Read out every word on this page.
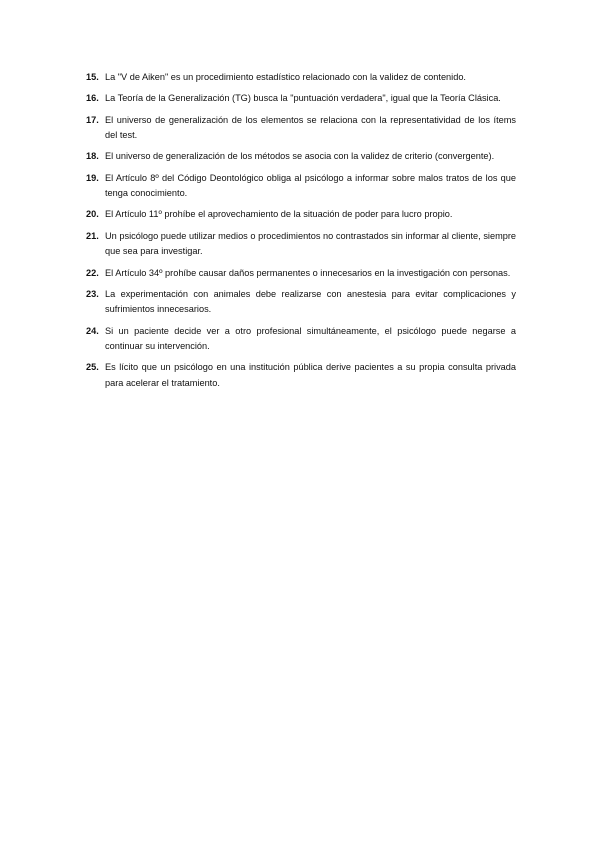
15. La "V de Aiken" es un procedimiento estadístico relacionado con la validez de contenido.
16. La Teoría de la Generalización (TG) busca la "puntuación verdadera", igual que la Teoría Clásica.
17. El universo de generalización de los elementos se relaciona con la representatividad de los ítems del test.
18. El universo de generalización de los métodos se asocia con la validez de criterio (convergente).
19. El Artículo 8º del Código Deontológico obliga al psicólogo a informar sobre malos tratos de los que tenga conocimiento.
20. El Artículo 11º prohíbe el aprovechamiento de la situación de poder para lucro propio.
21. Un psicólogo puede utilizar medios o procedimientos no contrastados sin informar al cliente, siempre que sea para investigar.
22. El Artículo 34º prohíbe causar daños permanentes o innecesarios en la investigación con personas.
23. La experimentación con animales debe realizarse con anestesia para evitar complicaciones y sufrimientos innecesarios.
24. Si un paciente decide ver a otro profesional simultáneamente, el psicólogo puede negarse a continuar su intervención.
25. Es lícito que un psicólogo en una institución pública derive pacientes a su propia consulta privada para acelerar el tratamiento.
